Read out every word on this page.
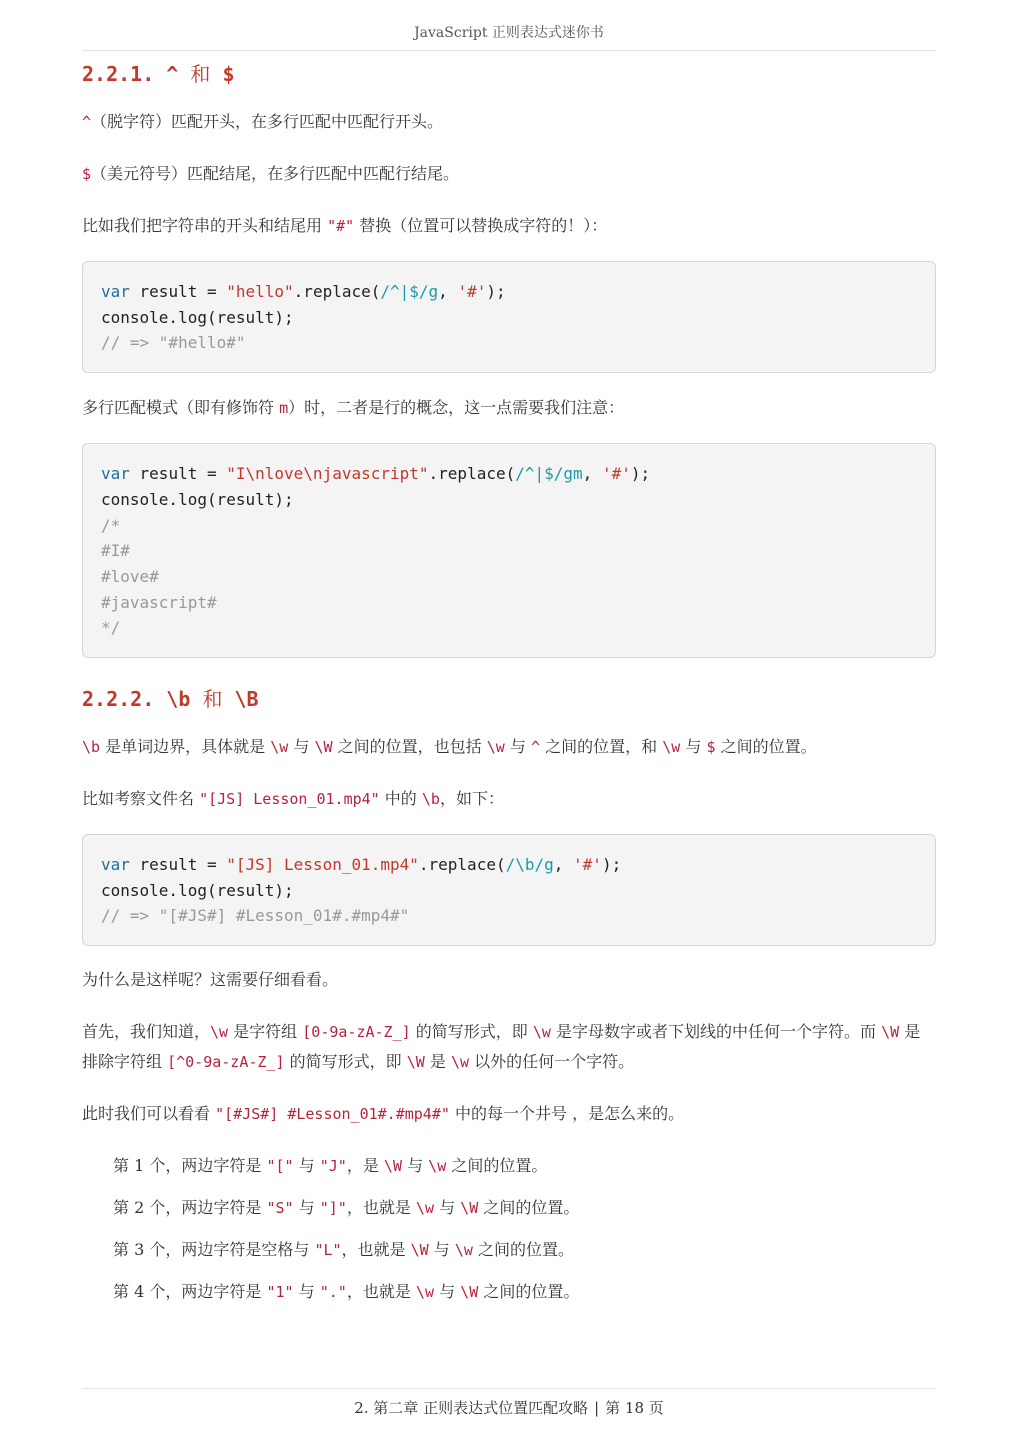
JavaScript 正则表达式迷你书
2.2.1. ^ 和 $

^（脱字符）匹配开头，在多行匹配中匹配行开头。

$（美元符号）匹配结尾，在多行匹配中匹配行结尾。

比如我们把字符串的开头和结尾用 "#" 替换（位置可以替换成字符的！）：

var result = "hello".replace(/^|$/g, '#');
console.log(result);
// => "#hello#"

多行匹配模式（即有修饰符 m）时，二者是行的概念，这一点需要我们注意：

var result = "I\nlove\njavascript".replace(/^|$/gm, '#');
console.log(result);
/*
#I#
#love#
#javascript#
*/
2.2.2. \b 和 \B

\b 是单词边界，具体就是 \w 与 \W 之间的位置，也包括 \w 与 ^ 之间的位置，和 \w 与 $ 之间的位置。

比如考察文件名 "[JS] Lesson_01.mp4" 中的 \b，如下：

var result = "[JS] Lesson_01.mp4".replace(/\b/g, '#');
console.log(result);
// => "[#JS#] #Lesson_01#.#mp4#"

为什么是这样呢？这需要仔细看看。

首先，我们知道，\w 是字符组 [0-9a-zA-Z_] 的简写形式，即 \w 是字母数字或者下划线的中任何一个字符。而 \W 是排除字符组 [^0-9a-zA-Z_] 的简写形式，即 \W 是 \w 以外的任何一个字符。

此时我们可以看看 "[#JS#] #Lesson_01#.#mp4#" 中的每一个井号 ，是怎么来的。

第 1 个，两边字符是 "[" 与 "J"，是 \W 与 \w 之间的位置。

第 2 个，两边字符是 "S" 与 "]"，也就是 \w 与 \W 之间的位置。

第 3 个，两边字符是空格与 "L"，也就是 \W 与 \w 之间的位置。

第 4 个，两边字符是 "1" 与 "."，也就是 \w 与 \W 之间的位置。

2. 第二章 正则表达式位置匹配攻略 | 第 18 页
